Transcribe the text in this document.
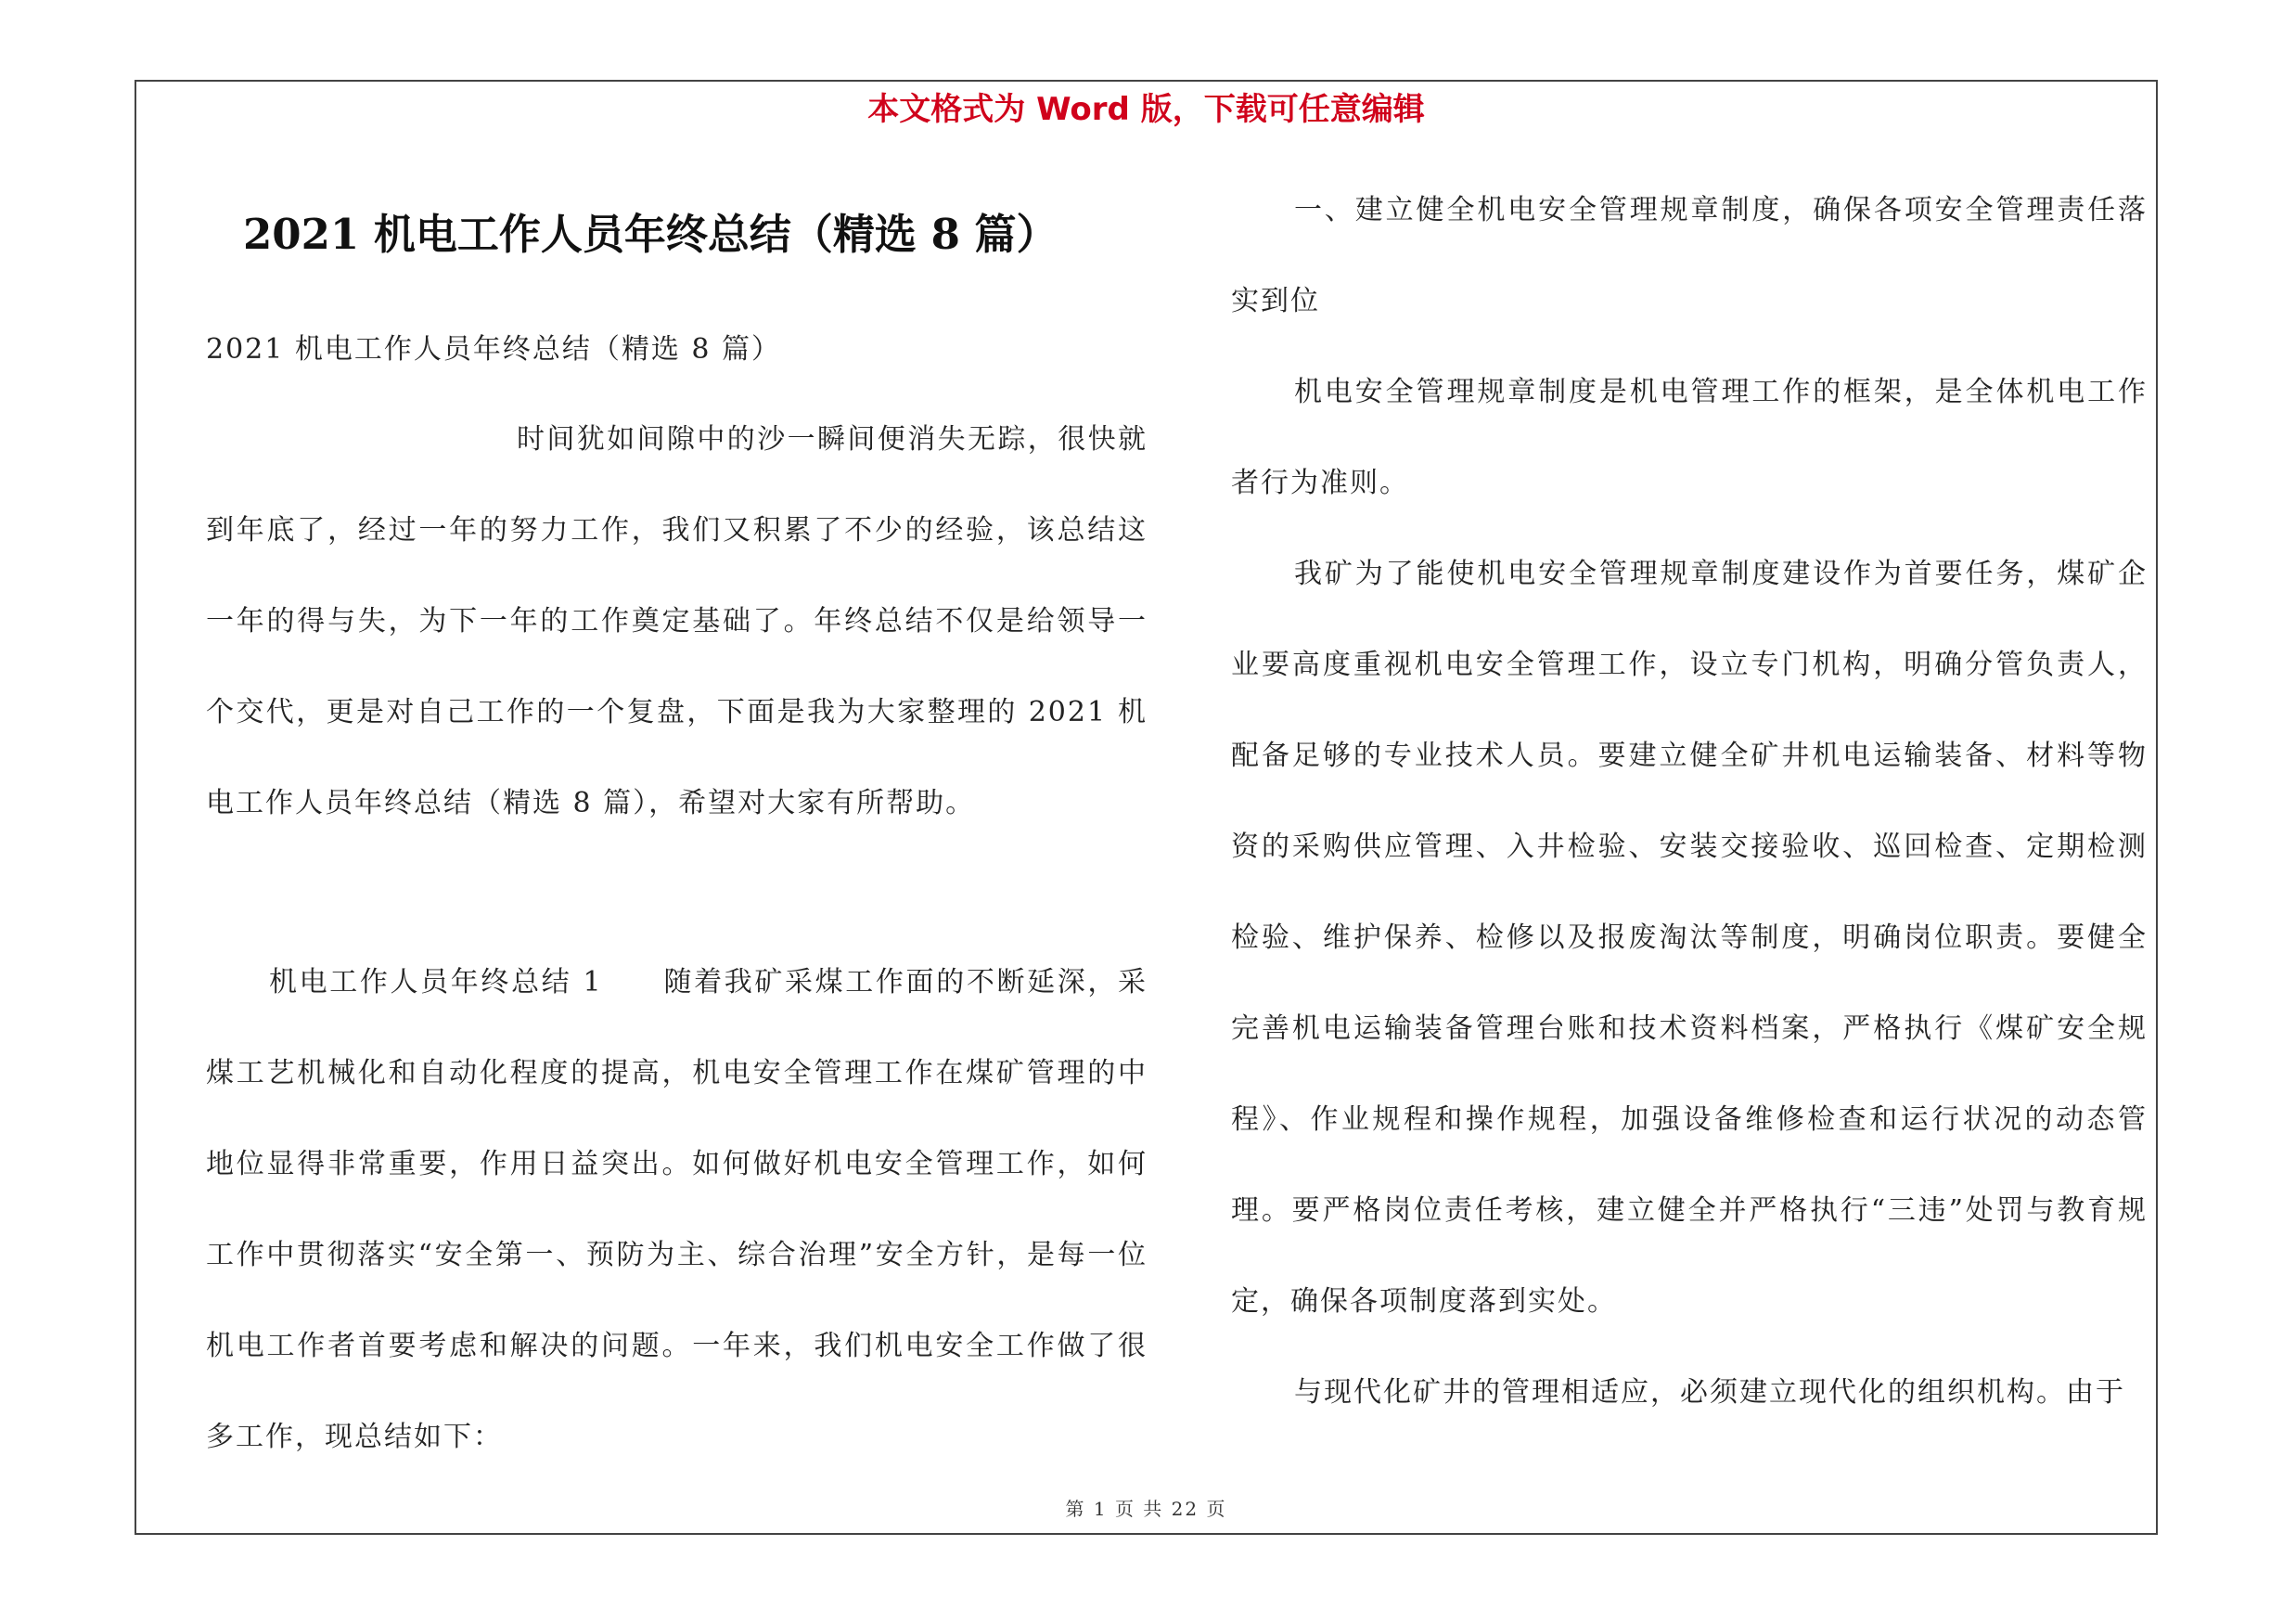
本文格式为 Word 版，下载可任意编辑
2021 机电工作人员年终总结（精选 8 篇）

2021 机电工作人员年终总结（精选 8 篇）

时间犹如间隙中的沙一瞬间便消失无踪，很快就到年底了，经过一年的努力工作，我们又积累了不少的经验，该总结这一年的得与失，为下一年的工作奠定基础了。年终总结不仅是给领导一个交代，更是对自己工作的一个复盘，下面是我为大家整理的 2021 机电工作人员年终总结（精选 8 篇），希望对大家有所帮助。

机电工作人员年终总结 1　　随着我矿采煤工作面的不断延深，采煤工艺机械化和自动化程度的提高，机电安全管理工作在煤矿管理的中地位显得非常重要，作用日益突出。如何做好机电安全管理工作，如何工作中贯彻落实“安全第一、预防为主、综合治理”安全方针，是每一位机电工作者首要考虑和解决的问题。一年来，我们机电安全工作做了很多工作，现总结如下：

一、建立健全机电安全管理规章制度，确保各项安全管理责任落实到位

机电安全管理规章制度是机电管理工作的框架，是全体机电工作者行为准则。

我矿为了能使机电安全管理规章制度建设作为首要任务，煤矿企业要高度重视机电安全管理工作，设立专门机构，明确分管负责人，配备足够的专业技术人员。要建立健全矿井机电运输装备、材料等物资的采购供应管理、入井检验、安装交接验收、巡回检查、定期检测检验、维护保养、检修以及报废淘汰等制度，明确岗位职责。要健全完善机电运输装备管理台账和技术资料档案，严格执行《煤矿安全规程》、作业规程和操作规程，加强设备维修检查和运行状况的动态管理。要严格岗位责任考核，建立健全并严格执行“三违”处罚与教育规定，确保各项制度落到实处。

与现代化矿井的管理相适应，必须建立现代化的组织机构。由于

第 1 页 共 22 页
